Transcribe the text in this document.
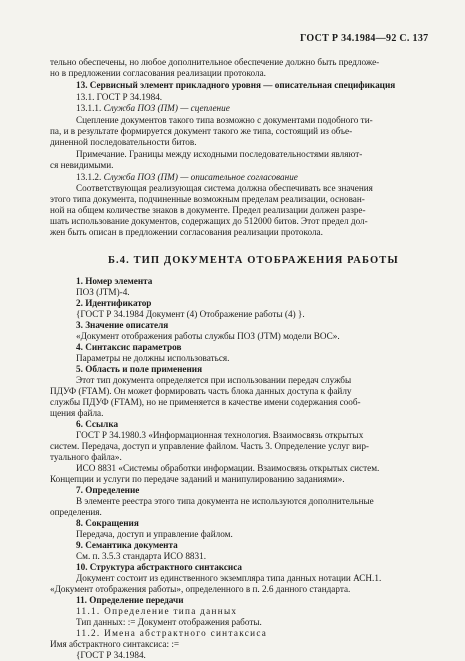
ГОСТ Р 34.1984—92 С. 137
тельно обеспечены, но любое дополнительное обеспечение должно быть предложе-
но в предложении согласования реализации протокола.
13. Сервисный элемент прикладного уровня — описательная спецификация
13.1. ГОСТ Р 34.1984.
13.1.1. Служба ПОЗ (ПМ) — сцепление
Сцепление документов такого типа возможно с документами подобного ти-
па, и в результате формируется документ такого же типа, состоящий из объе-
диненной последовательности битов.
Примечание. Границы между исходными последовательностями являют-
ся невидимыми.
13.1.2. Служба ПОЗ (ПМ) — описательное согласование
Соответствующая реализующая система должна обеспечивать все значения
этого типа документа, подчиненные возможным пределам реализации, основан-
ной на общем количестве знаков в документе. Предел реализации должен разре-
шать использование документов, содержащих до 512000 битов. Этот предел дол-
жен быть описан в предложении согласования реализации протокола.
Б.4. ТИП ДОКУМЕНТА ОТОБРАЖЕНИЯ РАБОТЫ
1. Номер элемента
ПОЗ (JTM)-4.
2. Идентификатор
{ГОСТ Р 34.1984 Документ (4) Отображение работы (4) }.
3. Значение описателя
«Документ отображения работы службы ПОЗ (JTM) модели ВОС».
4. Синтаксис параметров
Параметры не должны использоваться.
5. Область и поле применения
Этот тип документа определяется при использовании передач службы
ПДУФ (FTAM). Он может формировать часть блока данных доступа к файлу
службы ПДУФ (FTAM), но не применяется в качестве имени содержания сооб-
щения файла.
6. Ссылка
ГОСТ Р 34.1980.3 «Информационная технология. Взаимосвязь открытых
систем. Передача, доступ и управление файлом. Часть 3. Определение услуг вир-
туального файла».
ИСО 8831 «Системы обработки информации. Взаимосвязь открытых систем.
Концепции и услуги по передаче заданий и манипулированию заданиями».
7. Определение
В элементе реестра этого типа документа не используются дополнительные
определения.
8. Сокращения
Передача, доступ и управление файлом.
9. Семантика документа
См. п. 3.5.3 стандарта ИСО 8831.
10. Структура абстрактного синтаксиса
Документ состоит из единственного экземпляра типа данных нотации АСН.1.
«Документ отображения работы», определенного в п. 2.6 данного стандарта.
11. Определение передачи
11.1. Определение типа данных
Тип данных: := Документ отображения работы.
11.2. Имена абстрактного синтаксиса
Имя абстрактного синтаксиса: :=
{ГОСТ Р 34.1984.
